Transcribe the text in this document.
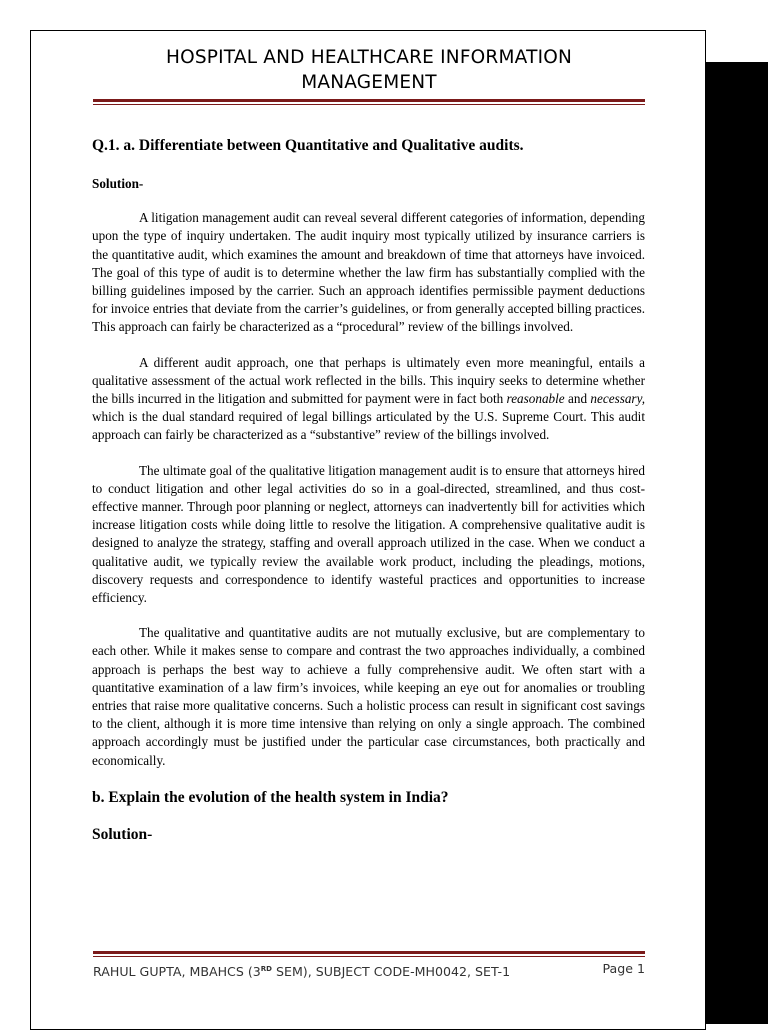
HOSPITAL AND HEALTHCARE INFORMATION
MANAGEMENT
Q.1. a. Differentiate between Quantitative and Qualitative audits.
Solution-

A litigation management audit can reveal several different categories of information, depending upon the type of inquiry undertaken. The audit inquiry most typically utilized by insurance carriers is the quantitative audit, which examines the amount and breakdown of time that attorneys have invoiced. The goal of this type of audit is to determine whether the law firm has substantially complied with the billing guidelines imposed by the carrier. Such an approach identifies permissible payment deductions for invoice entries that deviate from the carrier’s guidelines, or from generally accepted billing practices. This approach can fairly be characterized as a “procedural” review of the billings involved.

A different audit approach, one that perhaps is ultimately even more meaningful, entails a qualitative assessment of the actual work reflected in the bills. This inquiry seeks to determine whether the bills incurred in the litigation and submitted for payment were in fact both reasonable and necessary, which is the dual standard required of legal billings articulated by the U.S. Supreme Court. This audit approach can fairly be characterized as a “substantive” review of the billings involved.

The ultimate goal of the qualitative litigation management audit is to ensure that attorneys hired to conduct litigation and other legal activities do so in a goal-directed, streamlined, and thus cost-effective manner. Through poor planning or neglect, attorneys can inadvertently bill for activities which increase litigation costs while doing little to resolve the litigation. A comprehensive qualitative audit is designed to analyze the strategy, staffing and overall approach utilized in the case. When we conduct a qualitative audit, we typically review the available work product, including the pleadings, motions, discovery requests and correspondence to identify wasteful practices and opportunities to increase efficiency.

The qualitative and quantitative audits are not mutually exclusive, but are complementary to each other. While it makes sense to compare and contrast the two approaches individually, a combined approach is perhaps the best way to achieve a fully comprehensive audit. We often start with a quantitative examination of a law firm’s invoices, while keeping an eye out for anomalies or troubling entries that raise more qualitative concerns. Such a holistic process can result in significant cost savings to the client, although it is more time intensive than relying on only a single approach. The combined approach accordingly must be justified under the particular case circumstances, both practically and economically.

b. Explain the evolution of the health system in India?
Solution-
RAHUL GUPTA, MBAHCS (3RD SEM), SUBJECT CODE-MH0042, SET-1	Page 1
